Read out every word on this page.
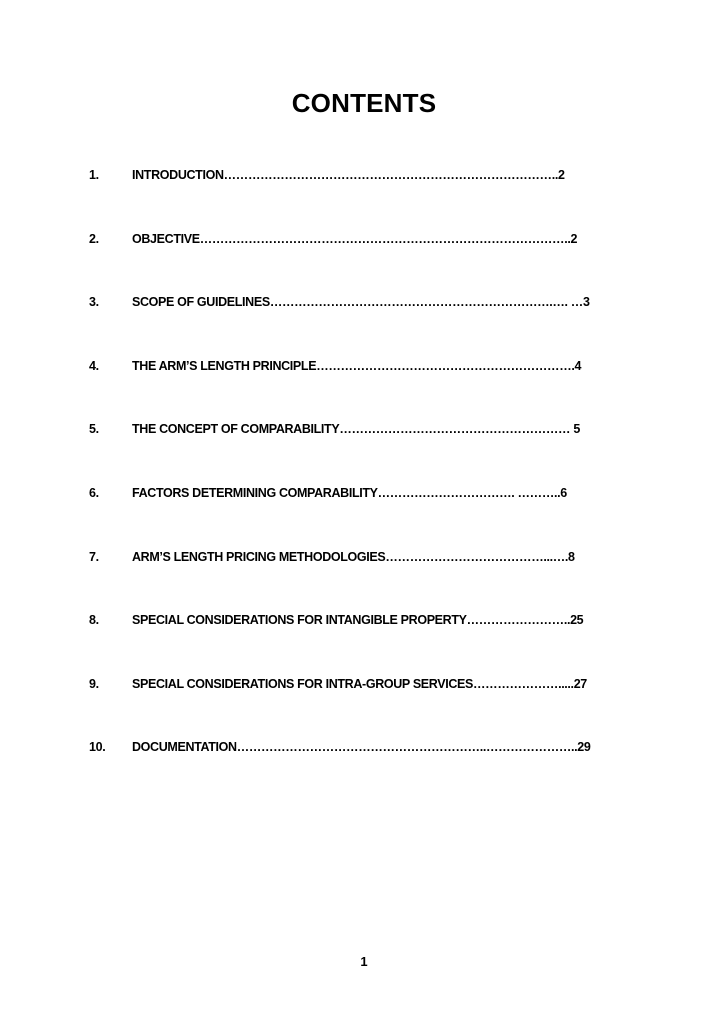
CONTENTS
1.	INTRODUCTION………………………………………………………………………..2
2.	OBJECTIVE………………………………………………………………………………..2
3.	SCOPE OF GUIDELINES…………………………………………………………….…. …3
4.	THE ARM’S LENGTH PRINCIPLE……………………………………………………….4
5.	THE CONCEPT OF COMPARABILITY………………………………………………… 5
6.	FACTORS DETERMINING COMPARABILITY……………………………. ………..6
7.	ARM’S LENGTH PRICING METHODOLOGIES…………………………………...….8
8.	SPECIAL CONSIDERATIONS FOR INTANGIBLE PROPERTY……………………..25
9.	SPECIAL CONSIDERATIONS FOR INTRA-GROUP SERVICES………………….....27
10. DOCUMENTATION……………………………………………………..…………………..29
1
